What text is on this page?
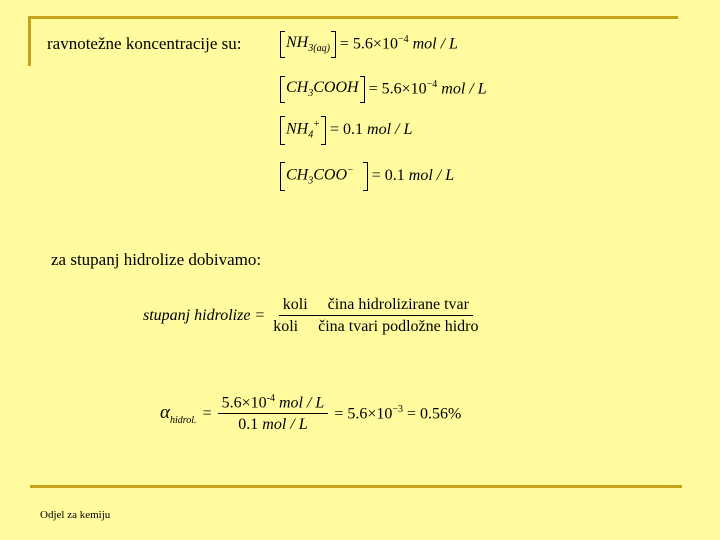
ravnotežne koncentracije su:	$NH_{3(aq)} = 5.6\times 10^{-4}$ mol / L
$CH_3COOH = 5.6\times 10^{-4}$ mol / L
$NH_4^+ = 0.1$ mol / L
$CH_3COO^-$	= 0.1 mol / L
za stupanj hidrolize dobivamo:
stupanj hidrolize = $\frac{\text{koli     čina hidrolizirane tvar}}{\text{koli     čina tvari podložne hidro}}$
$\alpha_{hidrol.} = \frac{5.6\times 10^{-4} mol / L}{\text{0.1 mol / L}} = 5.6\times 10^{-3} = 0.56\%$
Odjel za kemiju
